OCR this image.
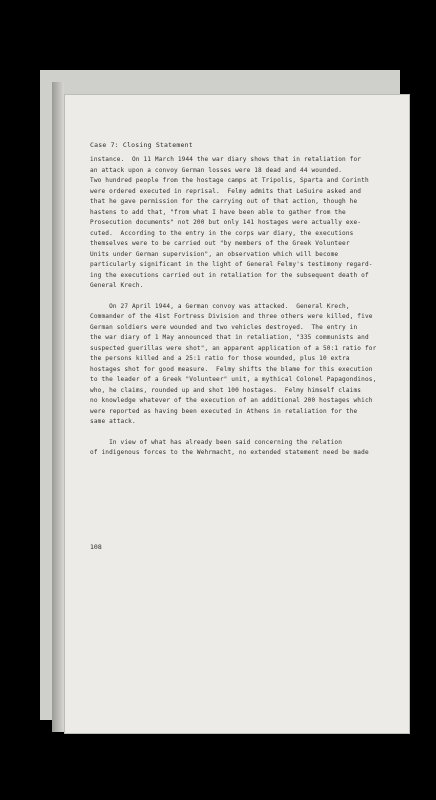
Case 7: Closing Statement
instance.  On 11 March 1944 the war diary shows that in retaliation for
an attack upon a convoy German losses were 18 dead and 44 wounded.
Two hundred people from the hostage camps at Tripolis, Sparta and Corinth
were ordered executed in reprisal.  Felmy admits that LeSuire asked and
that he gave permission for the carrying out of that action, though he
hastens to add that, "from what I have been able to gather from the
Prosecution documents" not 200 but only 141 hostages were actually exe-
cuted.  According to the entry in the corps war diary, the executions
themselves were to be carried out "by members of the Greek Volunteer
Units under German supervision", an observation which will become
particularly significant in the light of General Felmy's testimony regard-
ing the executions carried out in retaliation for the subsequent death of
General Krech.
On 27 April 1944, a German convoy was attacked.  General Krech,
Commander of the 41st Fortress Division and three others were killed, five
German soldiers were wounded and two vehicles destroyed.  The entry in
the war diary of 1 May announced that in retaliation, "335 communists and
suspected guerillas were shot", an apparent application of a 50:1 ratio for
the persons killed and a 25:1 ratio for those wounded, plus 10 extra
hostages shot for good measure.  Felmy shifts the blame for this execution
to the leader of a Greek "Volunteer" unit, a mythical Colonel Papagondinos,
who, he claims, rounded up and shot 100 hostages.  Felmy himself claims
no knowledge whatever of the execution of an additional 200 hostages which
were reported as having been executed in Athens in retaliation for the
same attack.
In view of what has already been said concerning the relation
of indigenous forces to the Wehrmacht, no extended statement need be made
108
